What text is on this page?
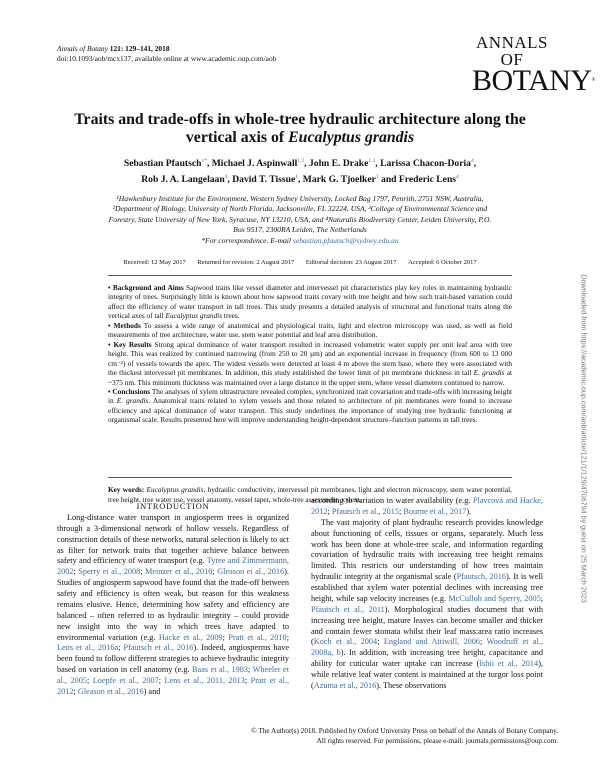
Annals of Botany 121: 129–141, 2018
doi:10.1093/aob/mcx137, available online at www.academic.oup.com/aob
ANNALS OF
BOTANY®
Traits and trade-offs in whole-tree hydraulic architecture along the vertical axis of Eucalyptus grandis
Sebastian Pfautsch$^{1*}$, Michael J. Aspinwall$^{1,2}$, John E. Drake$^{1,3}$, Larissa Chacon-Doria$^4$,
Rob J. A. Langelaan$^4$, David T. Tissue$^1$, Mark G. Tjoelker$^1$ and Frederic Lens$^4$
¹Hawkesbury Institute for the Environment, Western Sydney University, Locked Bag 1797, Penrith, 2751 NSW, Australia,
²Department of Biology, University of North Florida, Jacksonville, FL 32224, USA, ³College of Environmental Science and
Forestry, State University of New York, Syracuse, NY 13210, USA, and ⁴Naturalis Biodiversity Center, Leiden University, P.O.
Box 9517, 2300RA Leiden, The Netherlands
*For correspondence. E-mail sebastian.pfautsch@sydney.edu.au
Received: 12 May 2017 Returned for revision: 2 August 2017 Editorial decision: 23 August 2017 Accepted: 6 October 2017

• Background and Aims Sapwood traits like vessel diameter and intervessel pit characteristics play key roles in maintaining hydraulic integrity of trees. Surprisingly little is known about how sapwood traits covary with tree height and how such trait-based variation could affect the efficiency of water transport in tall trees. This study presents a detailed analysis of structural and functional traits along the vertical axes of tall Eucalyptus grandis trees.

• Methods To assess a wide range of anatomical and physiological traits, light and electron microscopy was used, as well as field measurements of tree architecture, water use, stem water potential and leaf area distribution.

• Key Results Strong apical dominance of water transport resulted in increased volumetric water supply per unit leaf area with tree height. This was realized by continued narrowing (from 250 to 20 µm) and an exponential increase in frequency (from 600 to 13 000 cm⁻²) of vessels towards the apex. The widest vessels were detected at least 4 m above the stem base, where they were associated with the thickest intervessel pit membranes. In addition, this study established the lower limit of pit membrane thickness in tall E. grandis at ~375 nm. This minimum thickness was maintained over a large distance in the upper stem, where vessel diameters continued to narrow.

• Conclusions The analyses of xylem ultrastructure revealed complex, synchronized trait covariation and trade-offs with increasing height in E. grandis. Anatomical traits related to xylem vessels and those related to architecture of pit membranes were found to increase efficiency and apical dominance of water transport. This study underlines the importance of studying tree hydraulic functioning at organismal scale. Results presented here will improve understanding height-dependent structure–function patterns in tall trees.

Key words: Eucalyptus grandis, hydraulic conductivity, intervessel pit membranes, light and electron microscopy, stem water potential, tree height, tree water use, vessel anatomy, vessel taper, whole-tree assessment, xylem.

INTRODUCTION

Long-distance water transport in angiosperm trees is organized through a 3-dimensional network of hollow vessels. Regardless of construction details of these networks, natural selection is likely to act as filter for network traits that together achieve balance between safety and efficiency of water transport (e.g. Tyree and Zimmermann, 2002; Sperry et al., 2008; Meinzer et al., 2010; Gleason et al., 2016). Studies of angiosperm sapwood have found that the trade-off between safety and efficiency is often weak, but reason for this weakness remains elusive. Hence, determining how safety and efficiency are balanced – often referred to as hydraulic integrity – could provide new insight into the way in which trees have adapted to environmental variation (e.g. Hacke et al., 2009; Pratt et al., 2010; Lens et al., 2016a; Pfautsch et al., 2016). Indeed, angiosperms have been found to follow different strategies to achieve hydraulic integrity based on variation in cell anatomy (e.g. Baas et al., 1983; Wheeler et al., 2005; Loepfe et al., 2007; Lens et al., 2011, 2013; Pratt et al., 2012; Gleason et al., 2016) and

according to variation in water availability (e.g. Plavcová and Hacke, 2012; Pfautsch et al., 2015; Bourne et al., 2017).

The vast majority of plant hydraulic research provides knowledge about functioning of cells, tissues or organs, separately. Much less work has been done at whole-tree scale, and information regarding covariation of hydraulic traits with increasing tree height remains limited. This restricts our understanding of how trees maintain hydraulic integrity at the organismal scale (Pfautsch, 2016). It is well established that xylem water potential declines with increasing tree height, while sap velocity increases (e.g. McCulloh and Sperry, 2005; Pfautsch et al., 2011). Morphological studies document that with increasing tree height, mature leaves can become smaller and thicker and contain fewer stomata whilst their leaf mass:area ratio increases (Koch et al., 2004; England and Attiwill, 2006; Woodruff et al., 2008a, b). In addition, with increasing tree height, capacitance and ability for cuticular water uptake can increase (Ishii et al., 2014), while relative leaf water content is maintained at the turgor loss point (Azuma et al., 2016). These observations

© The Author(s) 2018. Published by Oxford University Press on behalf of the Annals of Botany Company.
All rights reserved. For permissions, please e-mail: journals.permissions@oup.com.
Downloaded from https://academic.oup.com/aob/article/121/1/129/4706794 by guest on 25 March 2023
